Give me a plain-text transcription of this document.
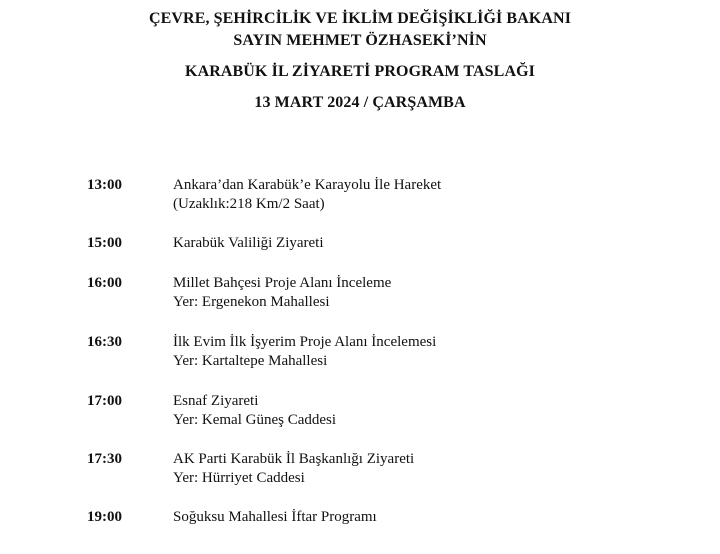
ÇEVRE, ŞEHİRCİLİK VE İKLİM DEĞİŞİKLİĞİ BAKANI
SAYIN MEHMET ÖZHASEKİ’NİN
KARABÜK İL ZİYARETİ PROGRAM TASLAĞI
13 MART 2024 / ÇARŞAMBA
13:00	Ankara’dan Karabük’e Karayolu İle Hareket
(Uzaklık:218 Km/2 Saat)
15:00	Karabük Valiliği Ziyareti
16:00	Millet Bahçesi Proje Alanı İnceleme
Yer: Ergenekon Mahallesi
16:30	İlk Evim İlk İşyerim Proje Alanı İncelemesi
Yer: Kartaltepe Mahallesi
17:00	Esnaf Ziyareti
Yer: Kemal Güneş Caddesi
17:30	AK Parti Karabük İl Başkanlığı Ziyareti
Yer: Hürriyet Caddesi
19:00	Soğuksu Mahallesi İftar Programı
